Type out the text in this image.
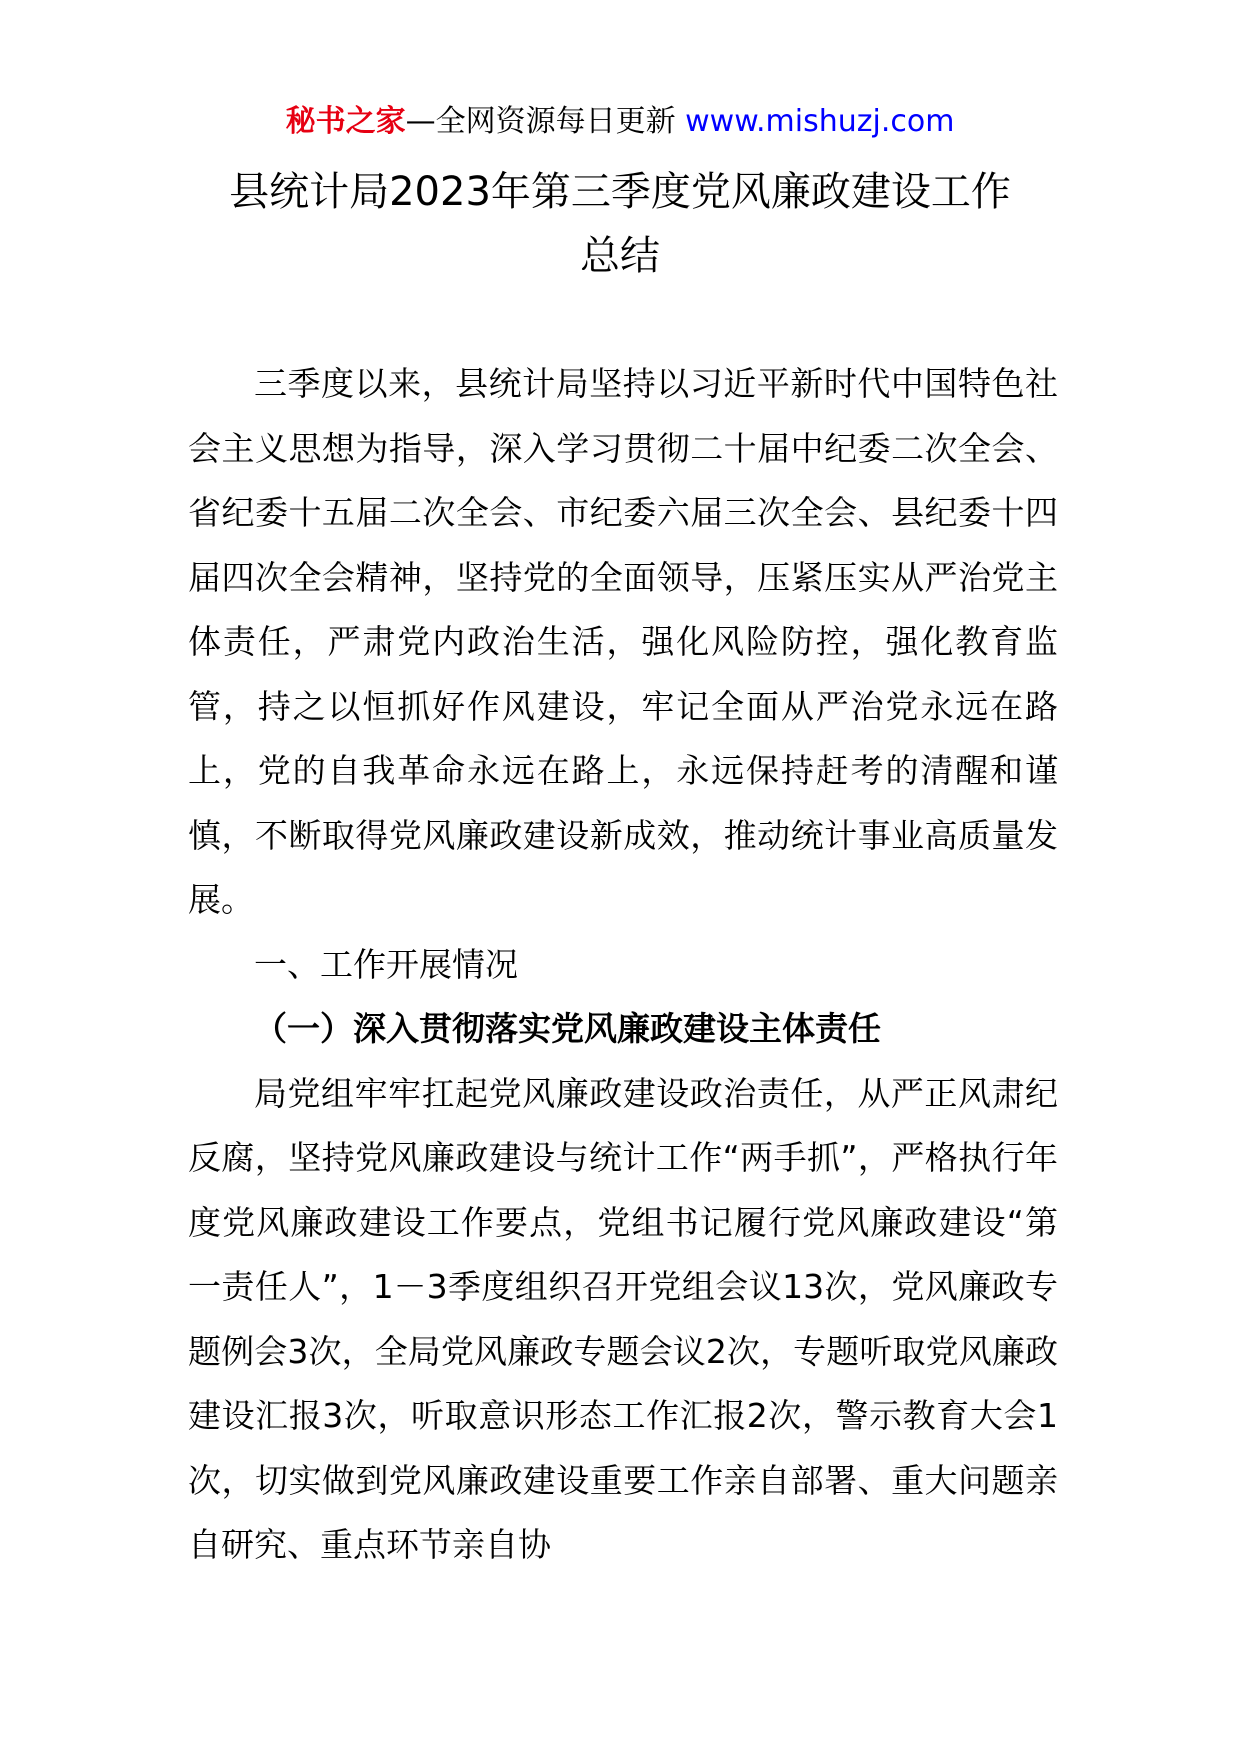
秘书之家—全网资源每日更新 www.mishuzj.com
县统计局2023年第三季度党风廉政建设工作
总结

三季度以来，县统计局坚持以习近平新时代中国特色社会主义思想为指导，深入学习贯彻二十届中纪委二次全会、省纪委十五届二次全会、市纪委六届三次全会、县纪委十四届四次全会精神，坚持党的全面领导，压紧压实从严治党主体责任，严肃党内政治生活，强化风险防控，强化教育监管，持之以恒抓好作风建设，牢记全面从严治党永远在路上，党的自我革命永远在路上，永远保持赶考的清醒和谨慎，不断取得党风廉政建设新成效，推动统计事业高质量发展。

一、工作开展情况

（一）深入贯彻落实党风廉政建设主体责任

局党组牢牢扛起党风廉政建设政治责任，从严正风肃纪反腐，坚持党风廉政建设与统计工作“两手抓”，严格执行年度党风廉政建设工作要点，党组书记履行党风廉政建设“第一责任人”，1－3季度组织召开党组会议13次，党风廉政专题例会3次，全局党风廉政专题会议2次，专题听取党风廉政建设汇报3次，听取意识形态工作汇报2次，警示教育大会1次，切实做到党风廉政建设重要工作亲自部署、重大问题亲自研究、重点环节亲自协
